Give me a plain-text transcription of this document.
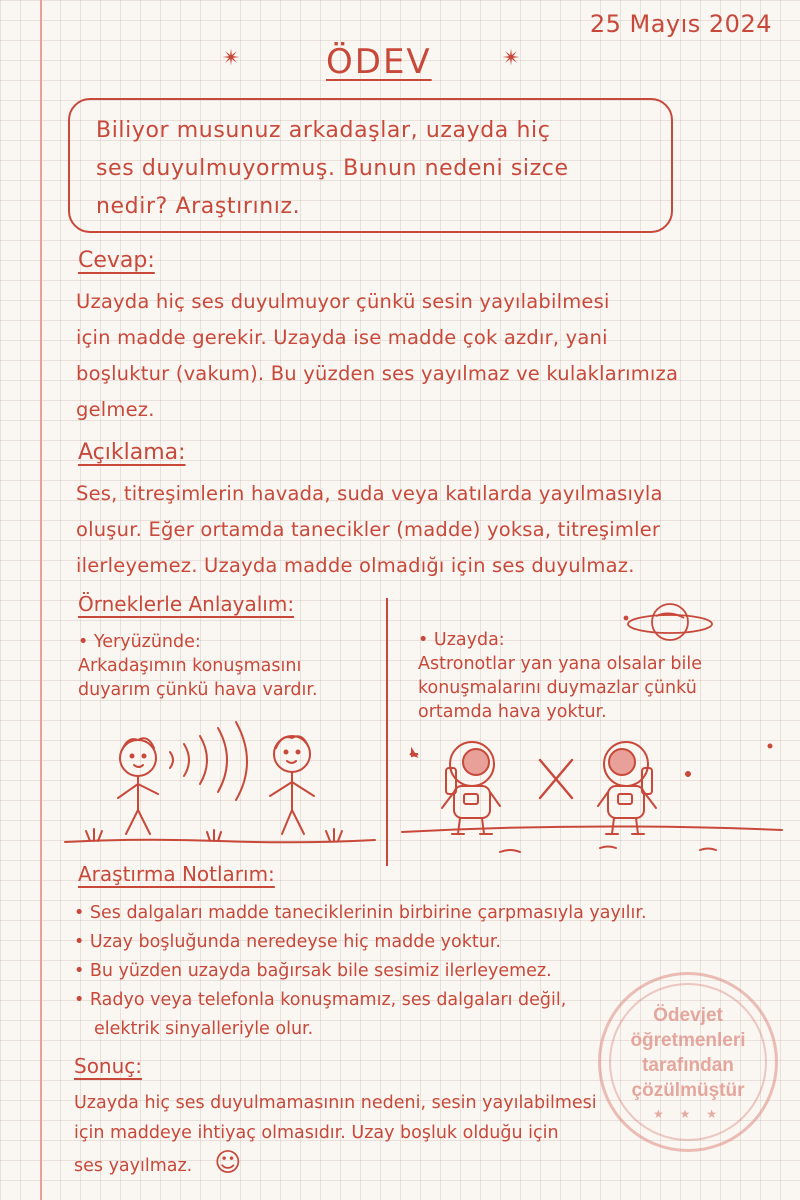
25 Mayıs 2024
✴	ÖDEV	✴

Biliyor musunuz arkadaşlar, uzayda hiç

ses duyulmuyormuş. Bunun nedeni sizce

nedir? Araştırınız.

Cevap:

Uzayda hiç ses duyulmuyor çünkü sesin yayılabilmesi

için madde gerekir. Uzayda ise madde çok azdır, yani

boşluktur (vakum). Bu yüzden ses yayılmaz ve kulaklarımıza

gelmez.

Açıklama:

Ses, titreşimlerin havada, suda veya katılarda yayılmasıyla

oluşur. Eğer ortamda tanecikler (madde) yoksa, titreşimler

ilerleyemez. Uzayda madde olmadığı için ses duyulmaz.

Örneklerle Anlayalım:

• Yeryüzünde:

Arkadaşımın konuşmasını

duyarım çünkü hava vardır.

• Uzayda:

Astronotlar yan yana olsalar bile

konuşmalarını duymazlar çünkü

ortamda hava yoktur.

Araştırma Notlarım:
• Ses dalgaları madde taneciklerinin birbirine çarpmasıyla yayılır.
• Uzay boşluğunda neredeyse hiç madde yoktur.
• Bu yüzden uzayda bağırsak bile sesimiz ilerleyemez.
• Radyo veya telefonla konuşmamız, ses dalgaları değil,
elektrik sinyalleriyle olur.
Sonuç:

Uzayda hiç ses duyulmamasının nedeni, sesin yayılabilmesi

için maddeye ihtiyaç olmasıdır. Uzay boşluk olduğu için

ses yayılmaz. ☺

Ödevjet
öğretmenleri
tarafından
çözülmüştür
★ ★ ★
